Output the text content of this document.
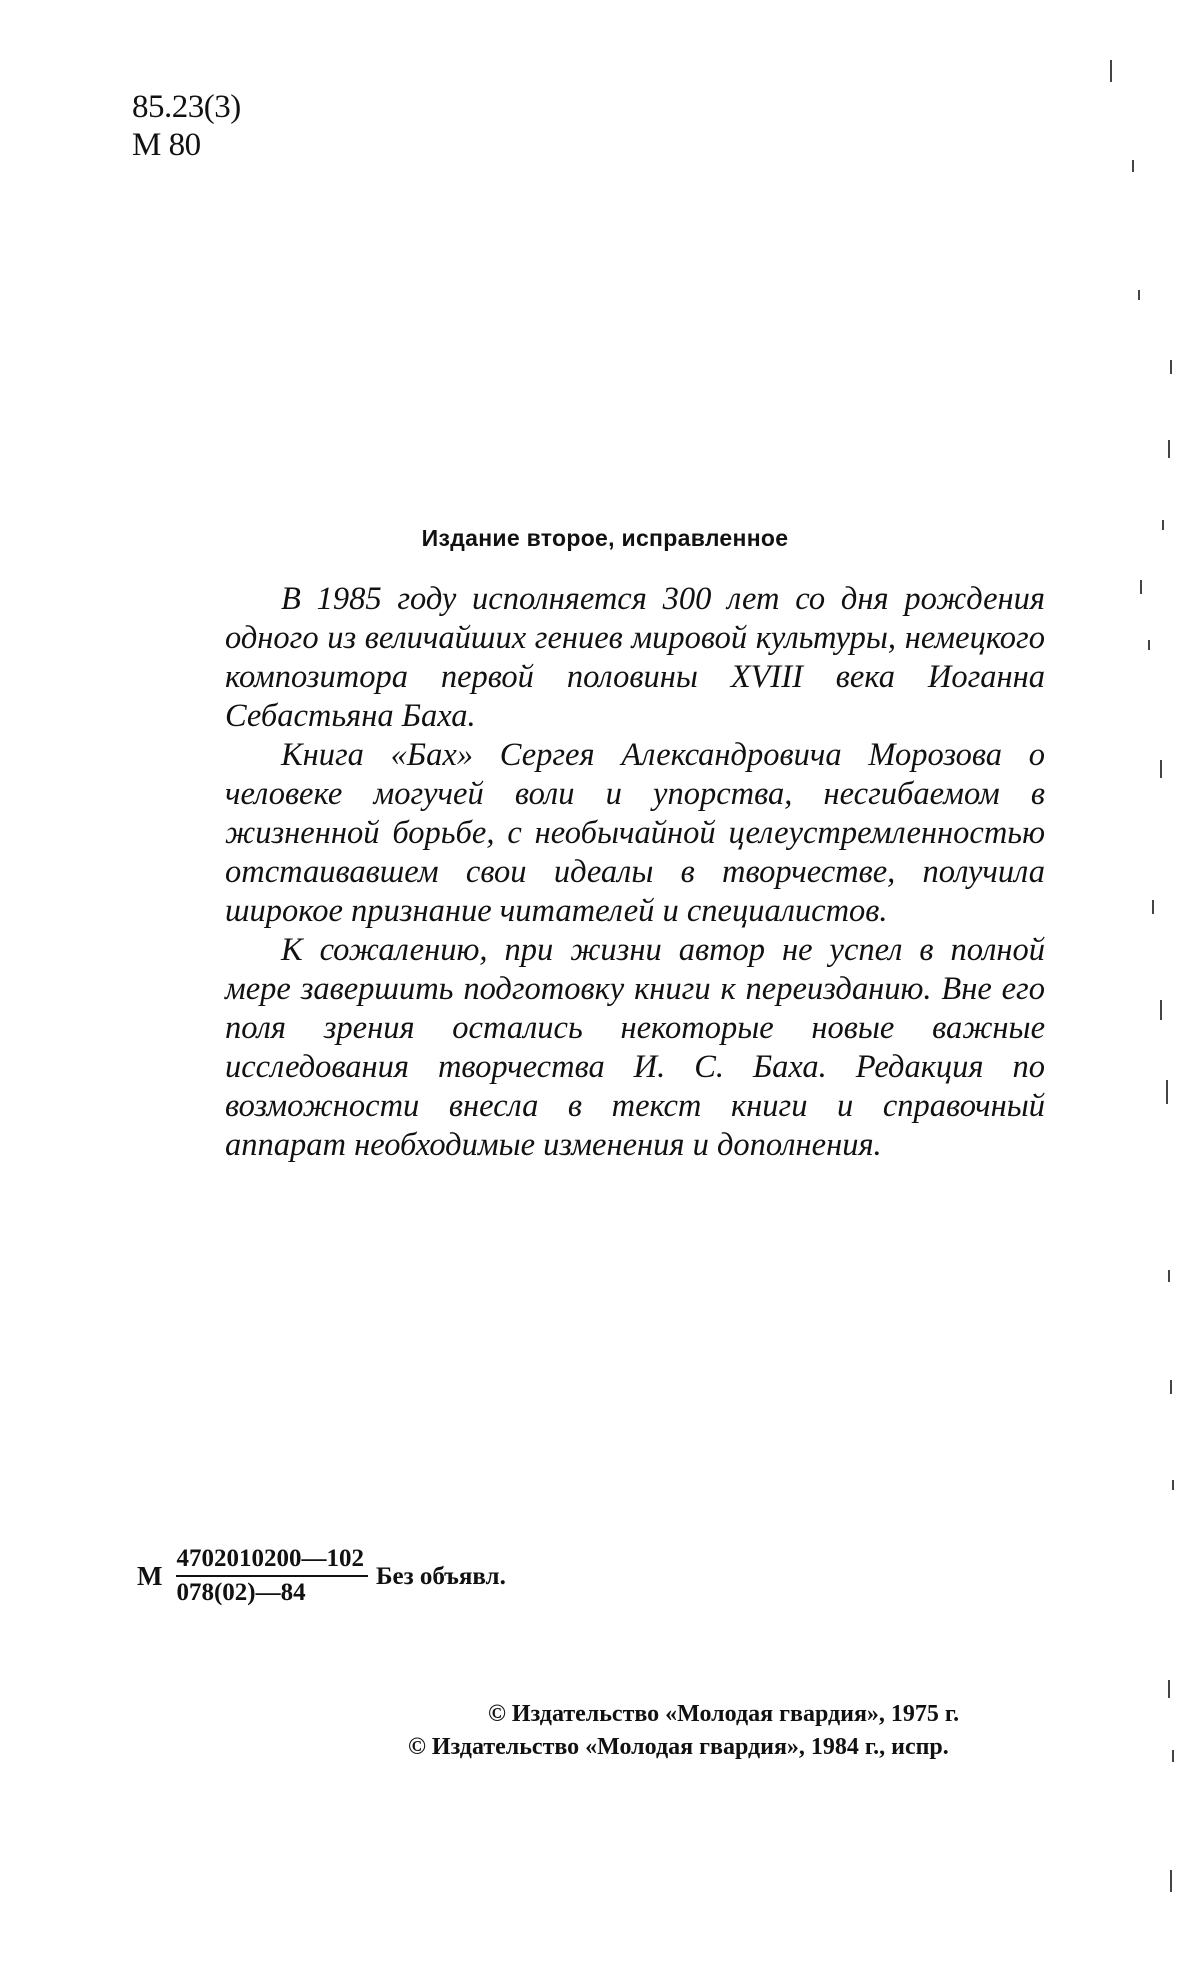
85.23(3)
М 80
Издание второе, исправленное

В 1985 году исполняется 300 лет со дня рождения одного из величайших гениев мировой культуры, немецкого композитора первой половины XVIII века Иоганна Себастьяна Баха.

Книга «Бах» Сергея Александровича Морозова о человеке могучей воли и упорства, несгибаемом в жизненной борьбе, с необычайной целеустремленностью отстаивавшем свои идеалы в творчестве, получила широкое признание читателей и специалистов.

К сожалению, при жизни автор не успел в полной мере завершить подготовку книги к переизданию. Вне его поля зрения остались некоторые новые важные исследования творчества И. С. Баха. Редакция по возможности внесла в текст книги и справочный аппарат необходимые изменения и дополнения.

М $\frac{4702010200—102}{078(02)—84}$ Без объявл.
© Издательство «Молодая гвардия», 1975 г.
© Издательство «Молодая гвардия», 1984 г., испр.
